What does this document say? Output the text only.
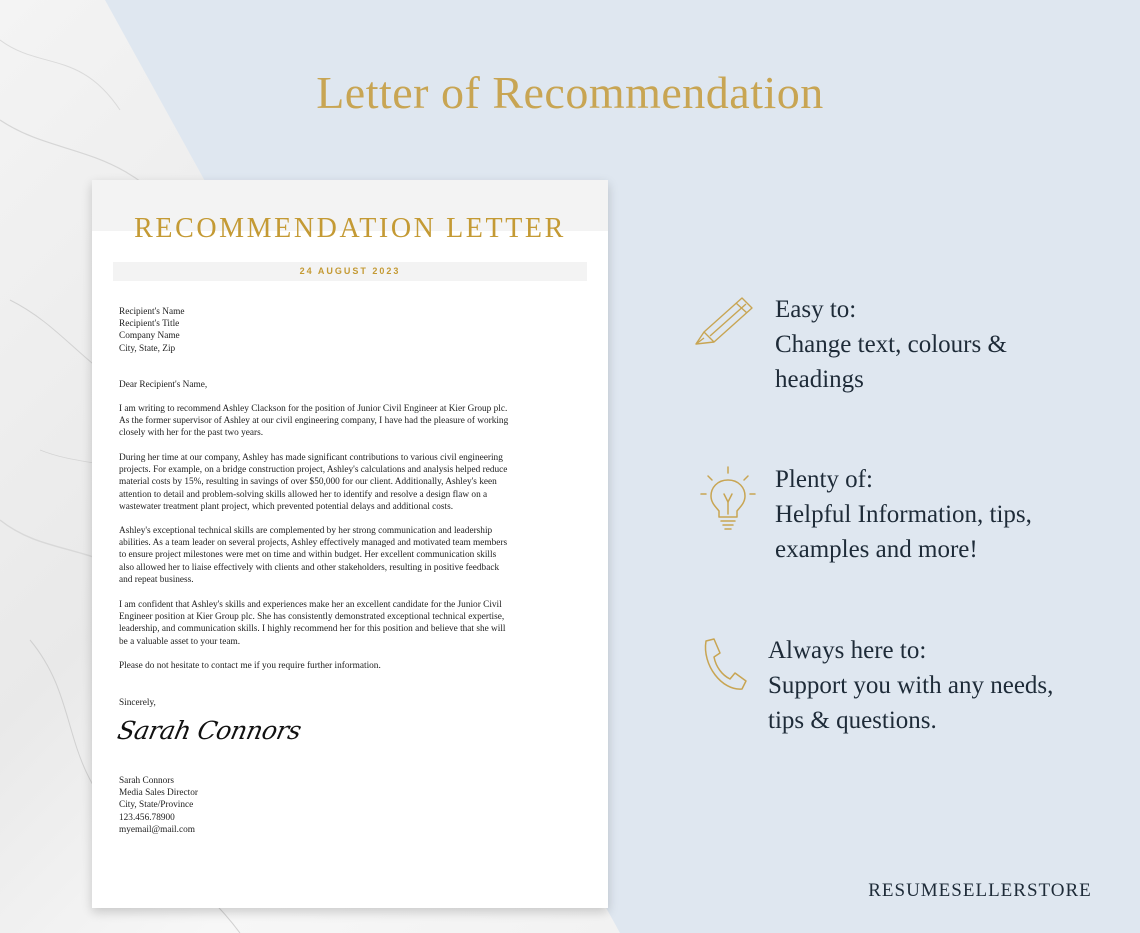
Letter of Recommendation
RECOMMENDATION LETTER
24 AUGUST 2023
Recipient's Name
Recipient's Title
Company Name
City, State, Zip
Dear Recipient's Name,
I am writing to recommend Ashley Clackson for the position of Junior Civil Engineer at Kier Group plc.
As the former supervisor of Ashley at our civil engineering company, I have had the pleasure of working
closely with her for the past two years.
During her time at our company, Ashley has made significant contributions to various civil engineering
projects. For example, on a bridge construction project, Ashley's calculations and analysis helped reduce
material costs by 15%, resulting in savings of over $50,000 for our client. Additionally, Ashley's keen
attention to detail and problem-solving skills allowed her to identify and resolve a design flaw on a
wastewater treatment plant project, which prevented potential delays and additional costs.
Ashley's exceptional technical skills are complemented by her strong communication and leadership
abilities. As a team leader on several projects, Ashley effectively managed and motivated team members
to ensure project milestones were met on time and within budget. Her excellent communication skills
also allowed her to liaise effectively with clients and other stakeholders, resulting in positive feedback
and repeat business.
I am confident that Ashley's skills and experiences make her an excellent candidate for the Junior Civil
Engineer position at Kier Group plc. She has consistently demonstrated exceptional technical expertise,
leadership, and communication skills. I highly recommend her for this position and believe that she will
be a valuable asset to your team.
Please do not hesitate to contact me if you require further information.
Sincerely,
Sarah Connors
Sarah Connors
Media Sales Director
City, State/Province
123.456.78900
myemail@mail.com
Easy to:
Change text, colours &
headings
Plenty of:
Helpful Information, tips,
examples and more!
Always here to:
Support you with any needs,
tips & questions.
RESUMESELLERSTORE
